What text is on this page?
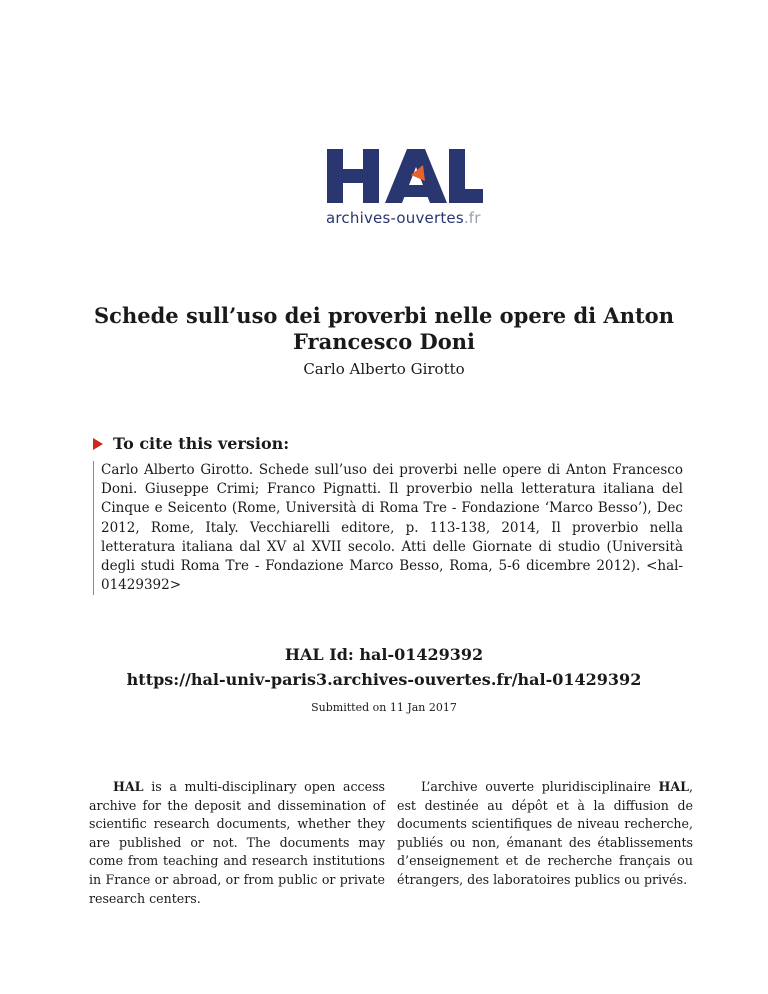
archives-ouvertes.fr
Schede sull’uso dei proverbi nelle opere di Anton
Francesco Doni
Carlo Alberto Girotto
To cite this version:
Carlo Alberto Girotto. Schede sull’uso dei proverbi nelle opere di Anton Francesco Doni. Giuseppe Crimi; Franco Pignatti. Il proverbio nella letteratura italiana del Cinque e Seicento (Rome, Università di Roma Tre - Fondazione ‘Marco Besso’), Dec 2012, Rome, Italy. Vecchiarelli editore, p. 113-138, 2014, Il proverbio nella letteratura italiana dal XV al XVII secolo. Atti delle Giornate di studio (Università degli studi Roma Tre - Fondazione Marco Besso, Roma, 5-6 dicembre 2012). <hal-01429392>
HAL Id: hal-01429392
https://hal-univ-paris3.archives-ouvertes.fr/hal-01429392
Submitted on 11 Jan 2017

HAL is a multi-disciplinary open access archive for the deposit and dissemination of scientific research documents, whether they are published or not. The documents may come from teaching and research institutions in France or abroad, or from public or private research centers.

L’archive ouverte pluridisciplinaire HAL, est destinée au dépôt et à la diffusion de documents scientifiques de niveau recherche, publiés ou non, émanant des établissements d’enseignement et de recherche français ou étrangers, des laboratoires publics ou privés.
